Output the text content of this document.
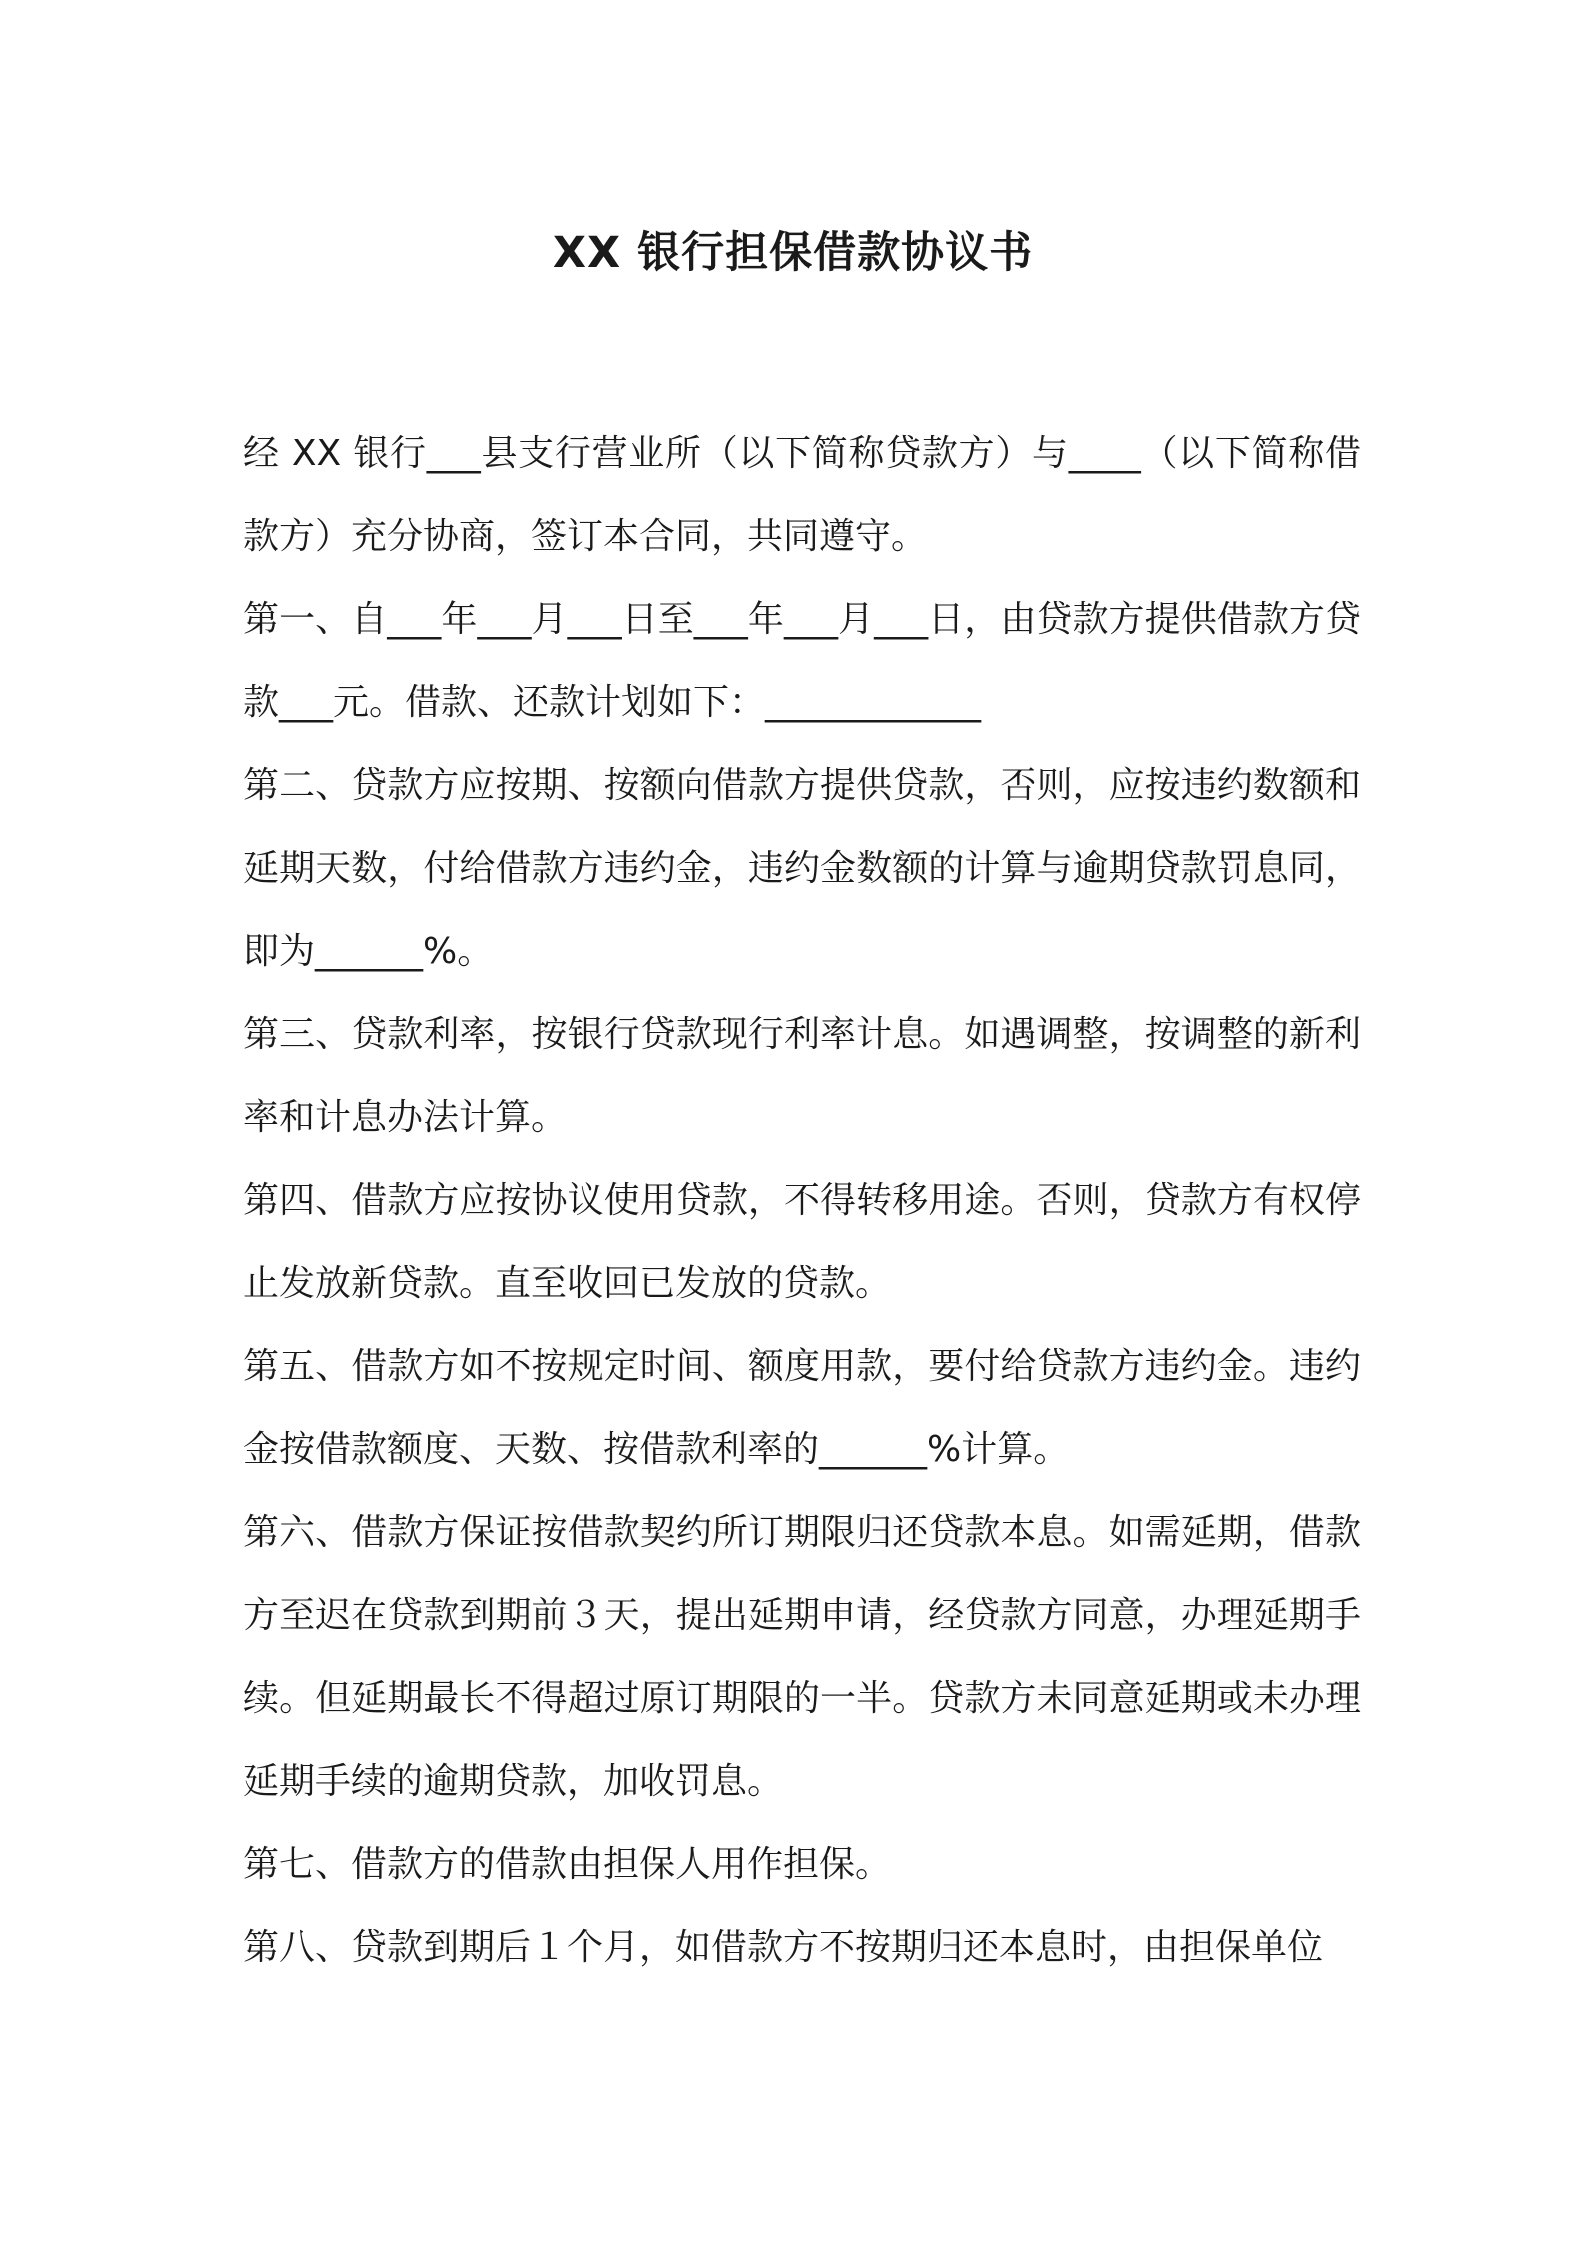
XX 银行担保借款协议书

经 XX 银行___县支行营业所（以下简称贷款方）与____（以下简称借款方）充分协商，签订本合同，共同遵守。

第一、自___年___月___日至___年___月___日，由贷款方提供借款方贷款___元。借款、还款计划如下：____________

第二、贷款方应按期、按额向借款方提供贷款，否则，应按违约数额和延期天数，付给借款方违约金，违约金数额的计算与逾期贷款罚息同，即为______%。

第三、贷款利率，按银行贷款现行利率计息。如遇调整，按调整的新利率和计息办法计算。

第四、借款方应按协议使用贷款，不得转移用途。否则，贷款方有权停止发放新贷款。直至收回已发放的贷款。

第五、借款方如不按规定时间、额度用款，要付给贷款方违约金。违约金按借款额度、天数、按借款利率的______%计算。

第六、借款方保证按借款契约所订期限归还贷款本息。如需延期，借款方至迟在贷款到期前３天，提出延期申请，经贷款方同意，办理延期手续。但延期最长不得超过原订期限的一半。贷款方未同意延期或未办理延期手续的逾期贷款，加收罚息。

第七、借款方的借款由担保人用作担保。

第八、贷款到期后１个月，如借款方不按期归还本息时，由担保单位
